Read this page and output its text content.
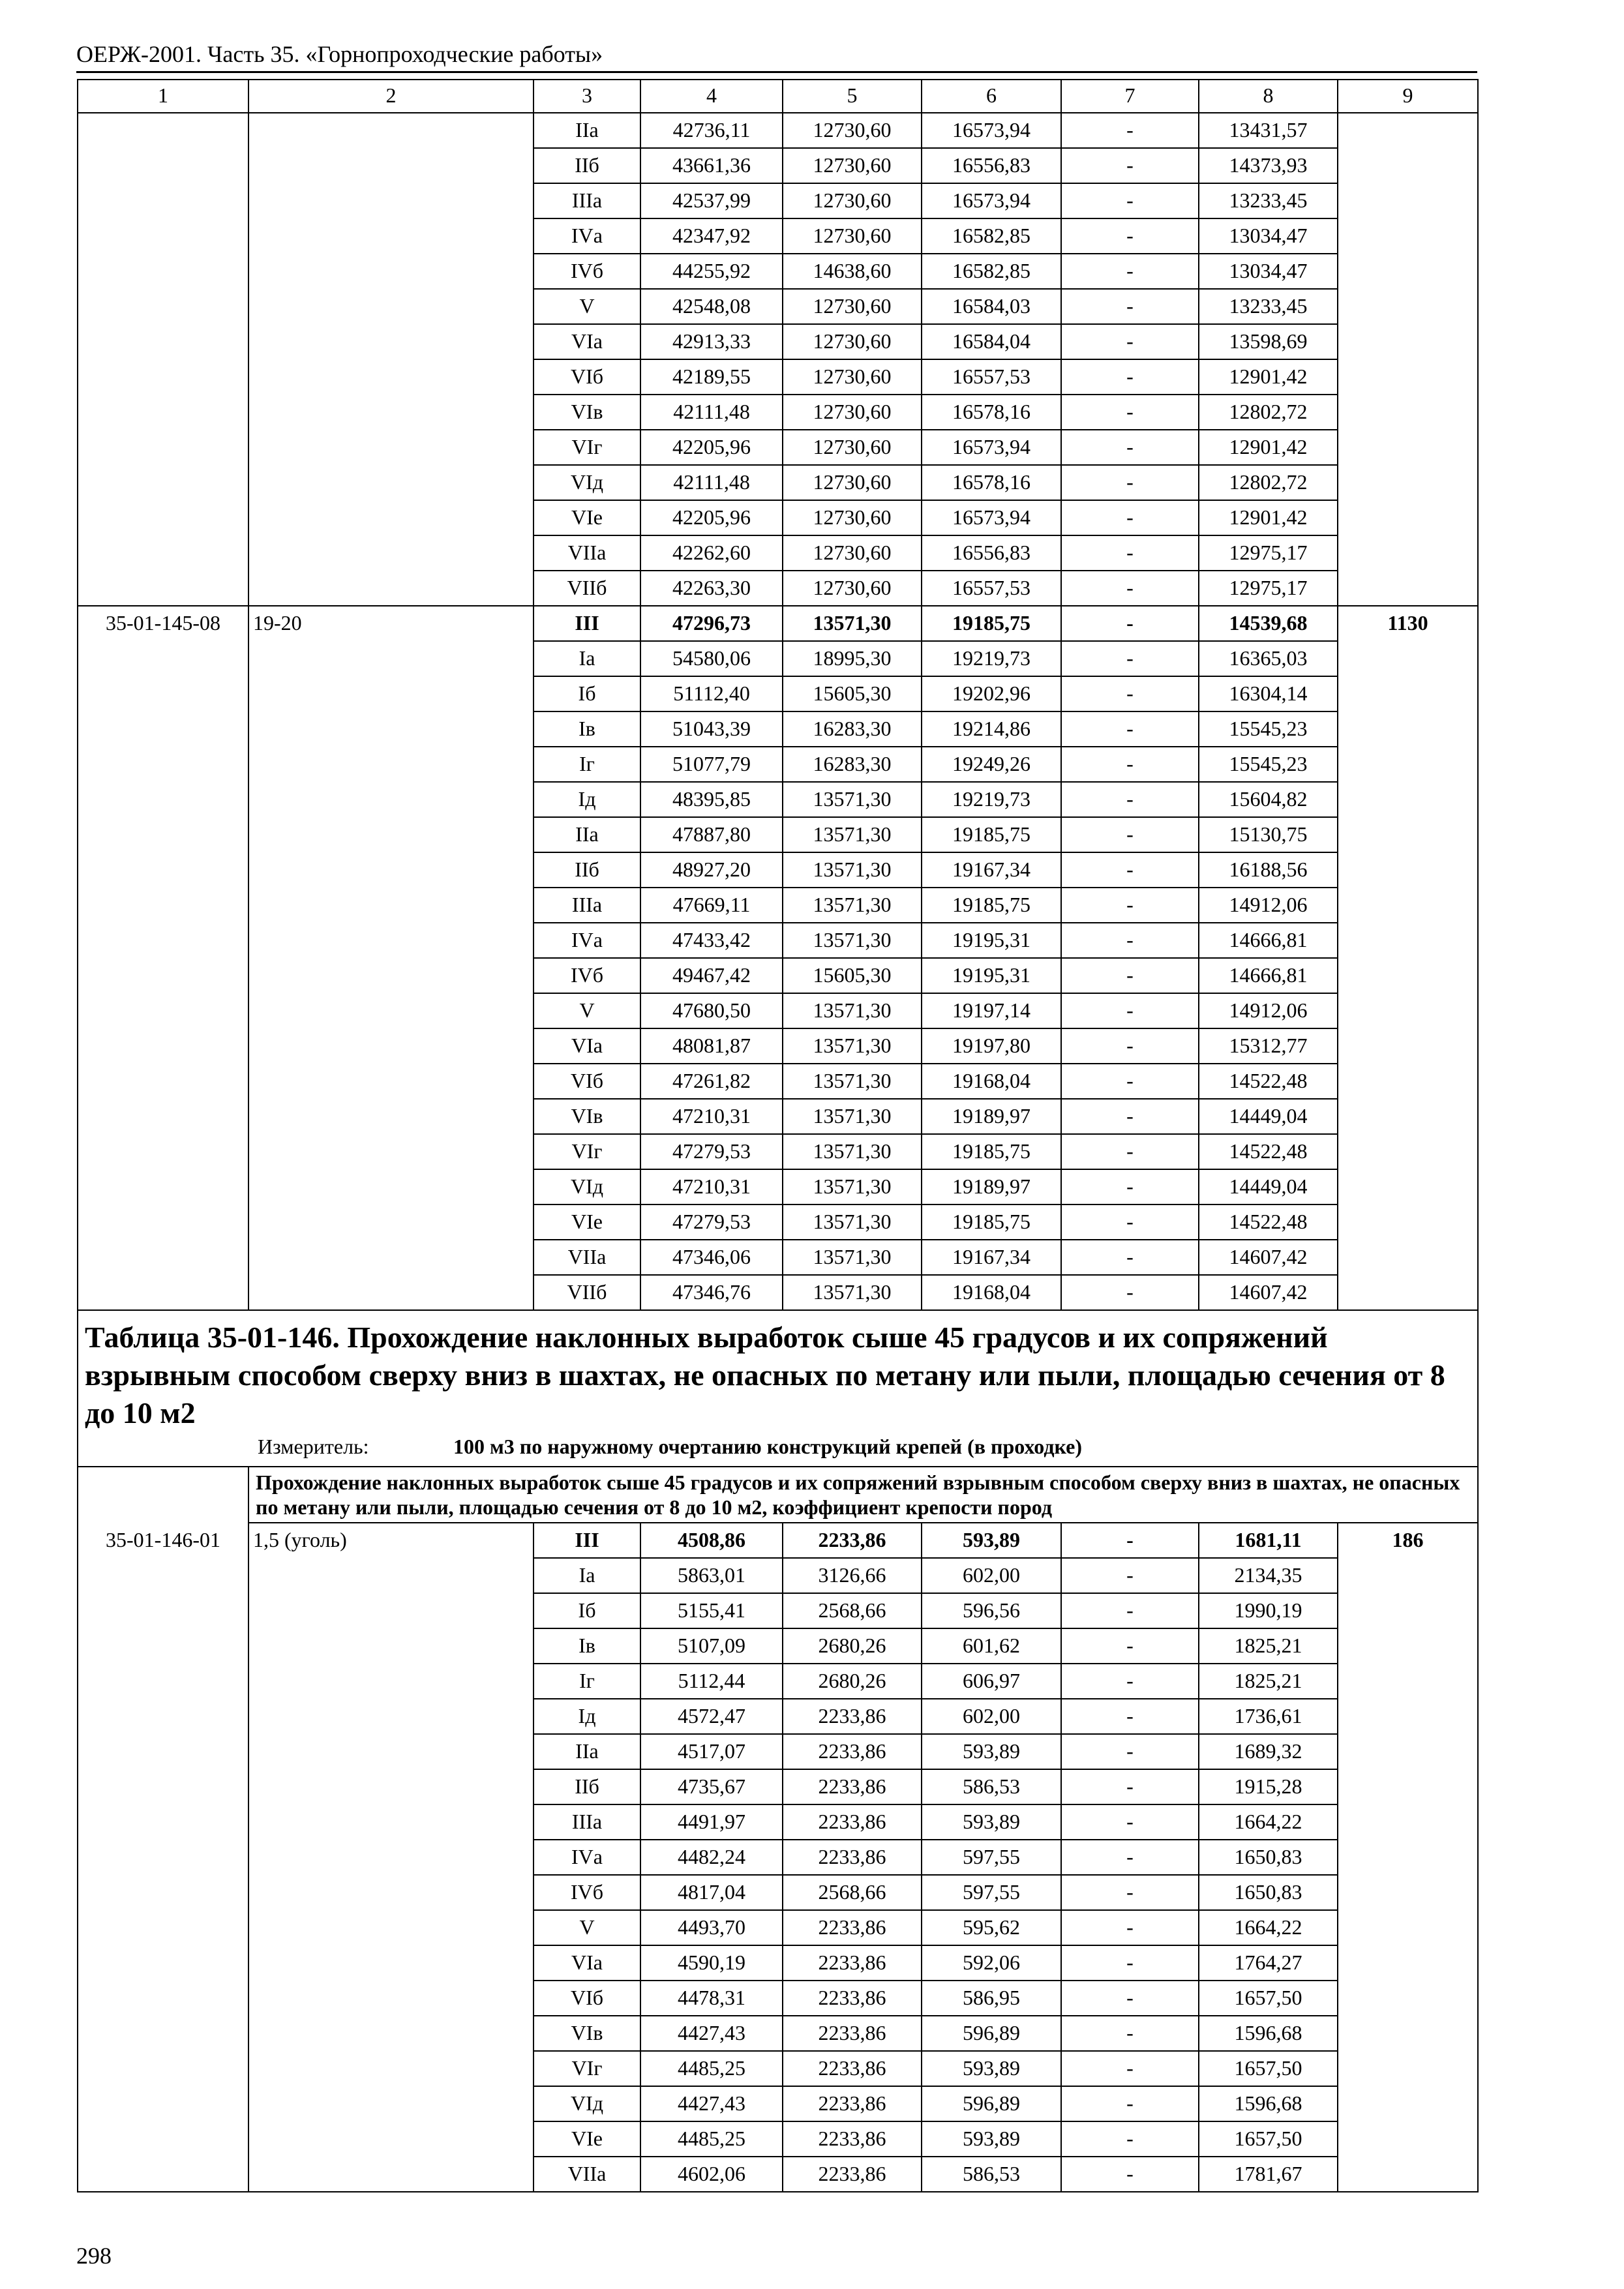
ОЕРЖ-2001. Часть 35. «Горнопроходческие работы»
1	2	3	4	5	6	7	8	9
		IIа	42736,11	12730,60	16573,94	-	13431,57	
		IIб	43661,36	12730,60	16556,83	-	14373,93	
		IIIа	42537,99	12730,60	16573,94	-	13233,45	
		IVа	42347,92	12730,60	16582,85	-	13034,47	
		IVб	44255,92	14638,60	16582,85	-	13034,47	
		V	42548,08	12730,60	16584,03	-	13233,45	
		VIа	42913,33	12730,60	16584,04	-	13598,69	
		VIб	42189,55	12730,60	16557,53	-	12901,42	
		VIв	42111,48	12730,60	16578,16	-	12802,72	
		VIг	42205,96	12730,60	16573,94	-	12901,42	
		VIд	42111,48	12730,60	16578,16	-	12802,72	
		VIе	42205,96	12730,60	16573,94	-	12901,42	
		VIIа	42262,60	12730,60	16556,83	-	12975,17	
		VIIб	42263,30	12730,60	16557,53	-	12975,17	
35-01-145-08	19-20	III	47296,73	13571,30	19185,75	-	14539,68	1130
		Iа	54580,06	18995,30	19219,73	-	16365,03	
		Iб	51112,40	15605,30	19202,96	-	16304,14	
		Iв	51043,39	16283,30	19214,86	-	15545,23	
		Iг	51077,79	16283,30	19249,26	-	15545,23	
		Iд	48395,85	13571,30	19219,73	-	15604,82	
		IIа	47887,80	13571,30	19185,75	-	15130,75	
		IIб	48927,20	13571,30	19167,34	-	16188,56	
		IIIа	47669,11	13571,30	19185,75	-	14912,06	
		IVа	47433,42	13571,30	19195,31	-	14666,81	
		IVб	49467,42	15605,30	19195,31	-	14666,81	
		V	47680,50	13571,30	19197,14	-	14912,06	
		VIа	48081,87	13571,30	19197,80	-	15312,77	
		VIб	47261,82	13571,30	19168,04	-	14522,48	
		VIв	47210,31	13571,30	19189,97	-	14449,04	
		VIг	47279,53	13571,30	19185,75	-	14522,48	
		VIд	47210,31	13571,30	19189,97	-	14449,04	
		VIе	47279,53	13571,30	19185,75	-	14522,48	
		VIIа	47346,06	13571,30	19167,34	-	14607,42	
		VIIб	47346,76	13571,30	19168,04	-	14607,42	

Таблица 35-01-146. Прохождение наклонных выработок сыше 45 градусов и их сопряжений взрывным способом сверху вниз в шахтах, не опасных по метану или пыли, площадью сечения от 8 до 10 м2
Измеритель: 100 м3 по наружному очертанию конструкций крепей (в проходке)								

	Прохождение наклонных выработок сыше 45 градусов и их сопряжений взрывным способом сверху вниз в шахтах, не опасных по метану или пыли, площадью сечения от 8 до 10 м2, коэффициент крепости пород							
35-01-146-01	1,5 (уголь)	III	4508,86	2233,86	593,89	-	1681,11	186
		Iа	5863,01	3126,66	602,00	-	2134,35	
		Iб	5155,41	2568,66	596,56	-	1990,19	
		Iв	5107,09	2680,26	601,62	-	1825,21	
		Iг	5112,44	2680,26	606,97	-	1825,21	
		Iд	4572,47	2233,86	602,00	-	1736,61	
		IIа	4517,07	2233,86	593,89	-	1689,32	
		IIб	4735,67	2233,86	586,53	-	1915,28	
		IIIа	4491,97	2233,86	593,89	-	1664,22	
		IVа	4482,24	2233,86	597,55	-	1650,83	
		IVб	4817,04	2568,66	597,55	-	1650,83	
		V	4493,70	2233,86	595,62	-	1664,22	
		VIа	4590,19	2233,86	592,06	-	1764,27	
		VIб	4478,31	2233,86	586,95	-	1657,50	
		VIв	4427,43	2233,86	596,89	-	1596,68	
		VIг	4485,25	2233,86	593,89	-	1657,50	
		VIд	4427,43	2233,86	596,89	-	1596,68	
		VIе	4485,25	2233,86	593,89	-	1657,50	
		VIIа	4602,06	2233,86	586,53	-	1781,67	
298
